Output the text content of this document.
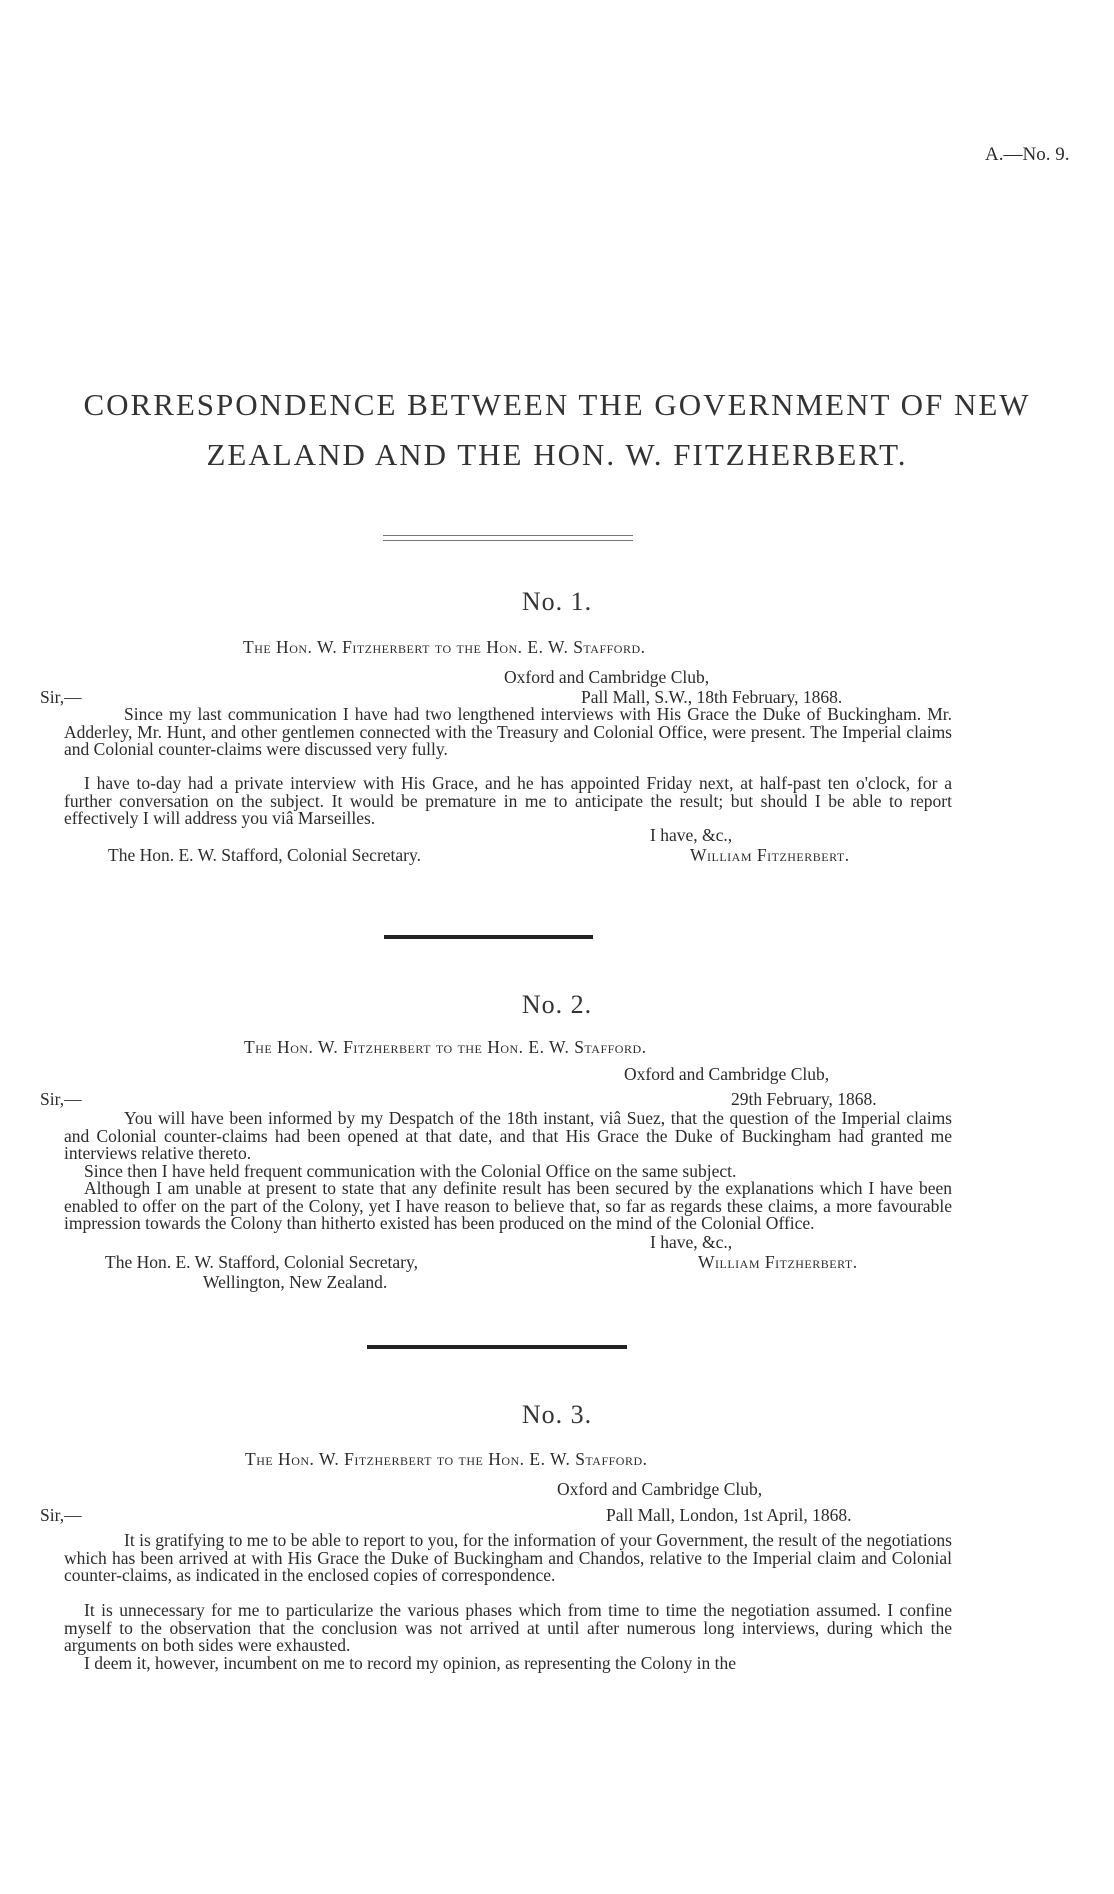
A.—No. 9.
CORRESPONDENCE BETWEEN THE GOVERNMENT OF NEW
ZEALAND AND THE HON. W. FITZHERBERT.
No. 1.
The Hon. W. Fitzherbert to the Hon. E. W. Stafford.
Oxford and Cambridge Club,
Sir,—	Pall Mall, S.W., 18th February, 1868.
Since my last communication I have had two lengthened interviews with His Grace the Duke of Buckingham. Mr. Adderley, Mr. Hunt, and other gentlemen connected with the Treasury and Colonial Office, were present. The Imperial claims and Colonial counter-claims were discussed very fully.
I have to-day had a private interview with His Grace, and he has appointed Friday next, at half-past ten o'clock, for a further conversation on the subject. It would be premature in me to anticipate the result; but should I be able to report effectively I will address you viâ Marseilles.
I have, &c.,
The Hon. E. W. Stafford, Colonial Secretary.	William Fitzherbert.
No. 2.
The Hon. W. Fitzherbert to the Hon. E. W. Stafford.
Oxford and Cambridge Club,
Sir,—	29th February, 1868.
You will have been informed by my Despatch of the 18th instant, viâ Suez, that the question of the Imperial claims and Colonial counter-claims had been opened at that date, and that His Grace the Duke of Buckingham had granted me interviews relative thereto.
Since then I have held frequent communication with the Colonial Office on the same subject.
Although I am unable at present to state that any definite result has been secured by the explanations which I have been enabled to offer on the part of the Colony, yet I have reason to believe that, so far as regards these claims, a more favourable impression towards the Colony than hitherto existed has been produced on the mind of the Colonial Office.
I have, &c.,
The Hon. E. W. Stafford, Colonial Secretary,	William Fitzherbert.
Wellington, New Zealand.
No. 3.
The Hon. W. Fitzherbert to the Hon. E. W. Stafford.
Oxford and Cambridge Club,
Sir,—	Pall Mall, London, 1st April, 1868.
It is gratifying to me to be able to report to you, for the information of your Government, the result of the negotiations which has been arrived at with His Grace the Duke of Buckingham and Chandos, relative to the Imperial claim and Colonial counter-claims, as indicated in the enclosed copies of correspondence.
It is unnecessary for me to particularize the various phases which from time to time the negotiation assumed. I confine myself to the observation that the conclusion was not arrived at until after numerous long interviews, during which the arguments on both sides were exhausted.
I deem it, however, incumbent on me to record my opinion, as representing the Colony in the
